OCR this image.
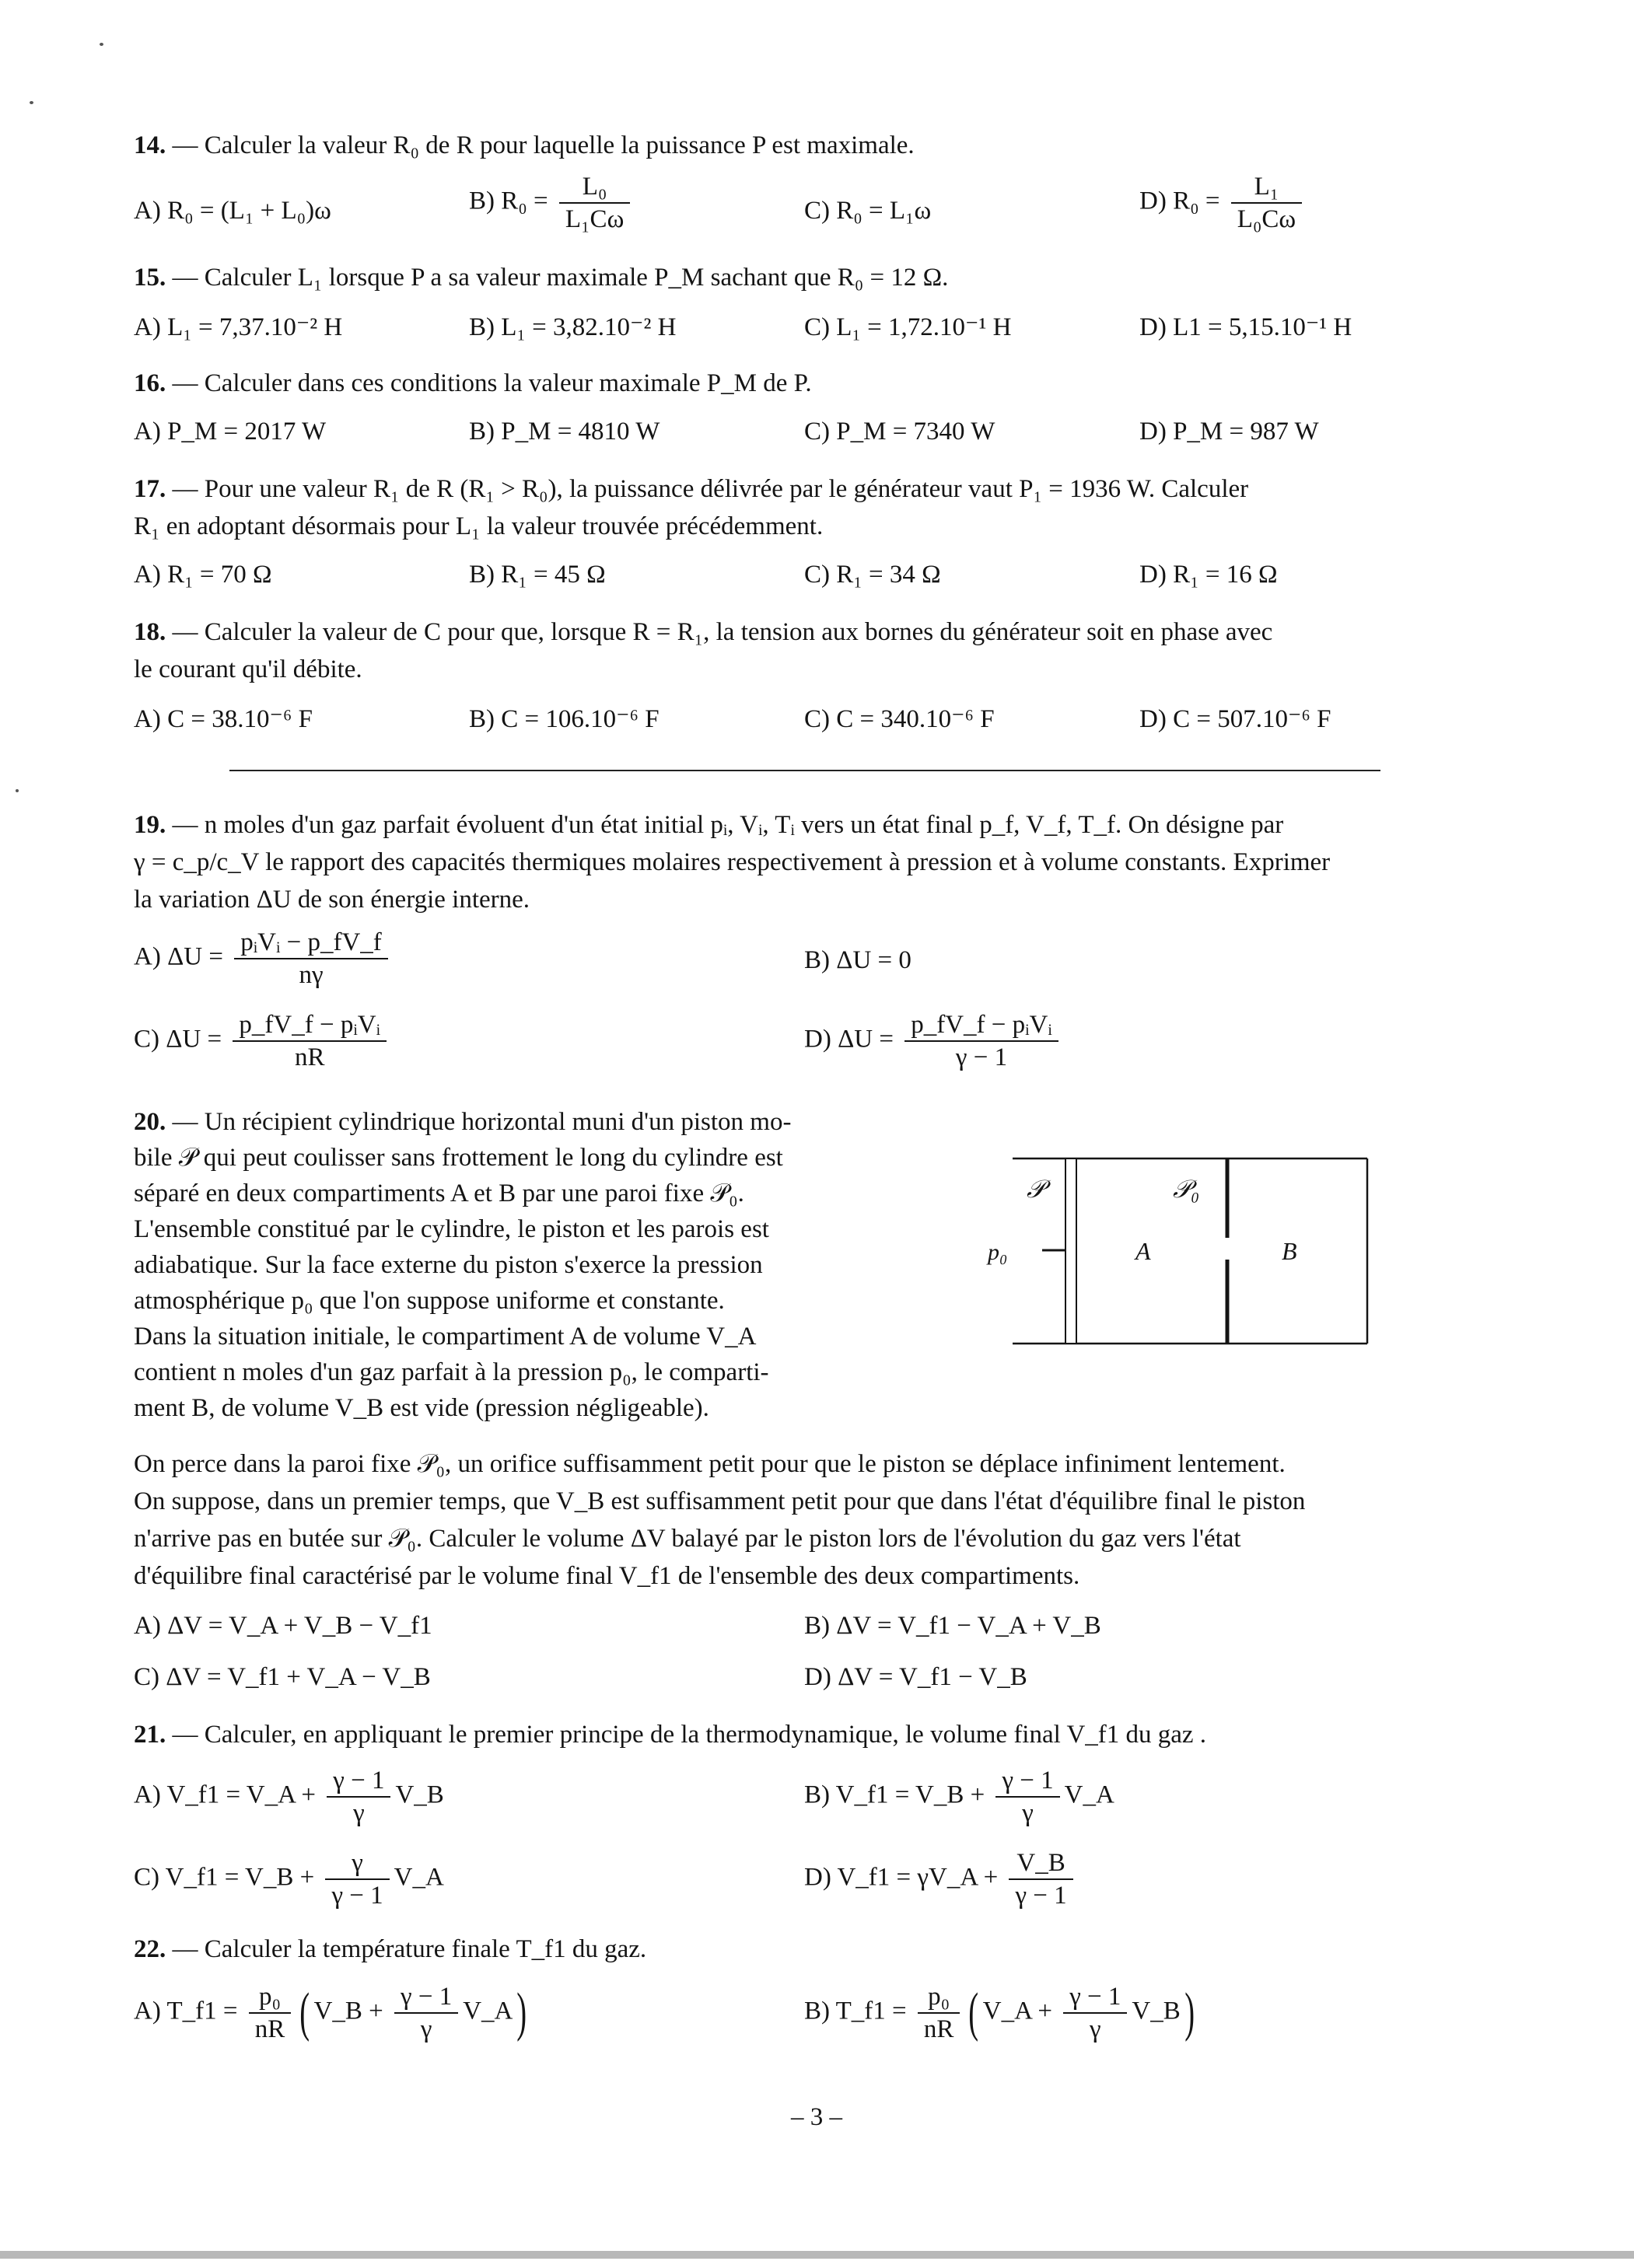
14. — Calculer la valeur R₀ de R pour laquelle la puissance P est maximale.
A) R₀ = (L₁ + L₀)ω	B) $R_0 = \frac{\text{L₀}}{\text{L₁Cω}}$	C) R₀ = L₁ω	D) $R_0 = \frac{\text{L₁}}{\text{L₀Cω}}$
15. — Calculer L₁ lorsque P a sa valeur maximale P_M sachant que R₀ = 12 Ω.
A) L₁ = 7,37.10⁻² H	B) L₁ = 3,82.10⁻² H	C) L₁ = 1,72.10⁻¹ H	D) L1 = 5,15.10⁻¹ H
16. — Calculer dans ces conditions la valeur maximale P_M de P.
A) P_M = 2017 W	B) P_M = 4810 W	C) P_M = 7340 W	D) P_M = 987 W
17. — Pour une valeur R₁ de R (R₁ > R₀), la puissance délivrée par le générateur vaut P₁ = 1936 W. Calculer
R₁ en adoptant désormais pour L₁ la valeur trouvée précédemment.
A) R₁ = 70 Ω	B) R₁ = 45 Ω	C) R₁ = 34 Ω	D) R₁ = 16 Ω
18. — Calculer la valeur de C pour que, lorsque R = R₁, la tension aux bornes du générateur soit en phase avec
le courant qu'il débite.
A) C = 38.10⁻⁶ F	B) C = 106.10⁻⁶ F	C) C = 340.10⁻⁶ F	D) C = 507.10⁻⁶ F
19. — n moles d'un gaz parfait évoluent d'un état initial pᵢ, Vᵢ, Tᵢ vers un état final p_f, V_f, T_f. On désigne par
γ = c_p/c_V le rapport des capacités thermiques molaires respectivement à pression et à volume constants. Exprimer
la variation ΔU de son énergie interne.
A) $\Delta U = \frac{\text{pᵢVᵢ − p\_fV\_f}}{n\gamma}$	B) ΔU = 0
C) $\Delta U = \frac{\text{p\_fV\_f − pᵢVᵢ}}{nR}$	D) $\Delta U = \frac{\text{p\_fV\_f − pᵢVᵢ}}{\gamma - 1}$
20. — Un récipient cylindrique horizontal muni d'un piston mo-
bile 𝒫 qui peut coulisser sans frottement le long du cylindre est
séparé en deux compartiments A et B par une paroi fixe 𝒫₀.
L'ensemble constitué par le cylindre, le piston et les parois est
adiabatique. Sur la face externe du piston s'exerce la pression
atmosphérique p₀ que l'on suppose uniforme et constante.
Dans la situation initiale, le compartiment A de volume V_A
contient n moles d'un gaz parfait à la pression p₀, le comparti-
ment B, de volume V_B est vide (pression négligeable).
𝒫	𝒫₀
p₀	A	B
On perce dans la paroi fixe 𝒫₀, un orifice suffisamment petit pour que le piston se déplace infiniment lentement.
On suppose, dans un premier temps, que V_B est suffisamment petit pour que dans l'état d'équilibre final le piston
n'arrive pas en butée sur 𝒫₀. Calculer le volume ΔV balayé par le piston lors de l'évolution du gaz vers l'état
d'équilibre final caractérisé par le volume final V_f1 de l'ensemble des deux compartiments.
A) ΔV = V_A + V_B − V_f1	B) ΔV = V_f1 − V_A + V_B
C) ΔV = V_f1 + V_A − V_B	D) ΔV = V_f1 − V_B
21. — Calculer, en appliquant le premier principe de la thermodynamique, le volume final V_f1 du gaz .
A) V_f1 = V_A + $\frac{\gamma - 1}{\gamma}$ V_B	B) V_f1 = V_B + $\frac{\gamma - 1}{\gamma}$ V_A
C) V_f1 = V_B + $\frac{\gamma}{\gamma - 1}$ V_A	D) V_f1 = γV_A + $\frac{V\_B}{\gamma - 1}$
22. — Calculer la température finale T_f1 du gaz.
A) T_f1 = $\frac{\text{p₀}}{nR}$ ( V_B + $\frac{\gamma - 1}{\gamma}$ V_A)	B) T_f1 = $\frac{\text{p₀}}{nR}$ ( V_A + $\frac{\gamma - 1}{\gamma}$ V_B)
– 3 –
